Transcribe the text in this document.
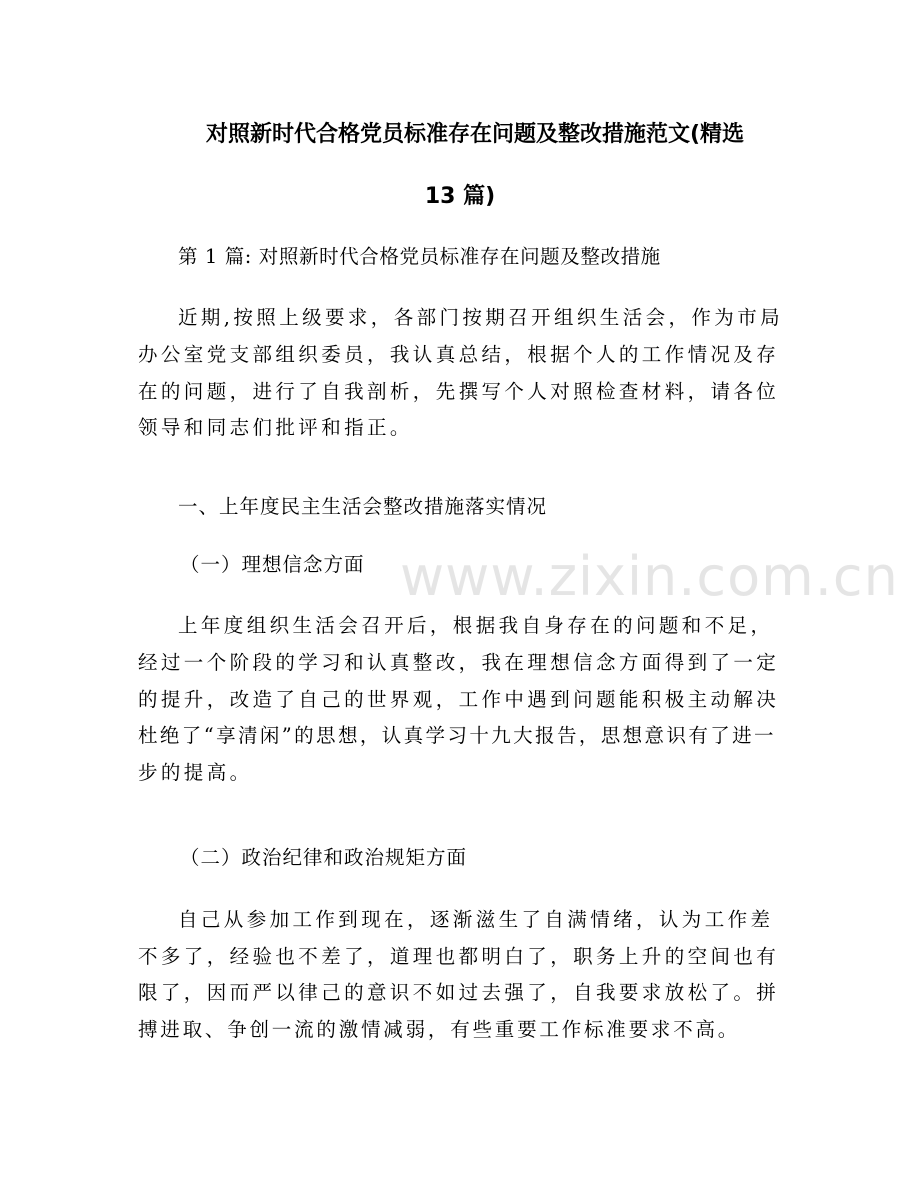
对照新时代合格党员标准存在问题及整改措施范文(精选
13 篇)

第 1 篇: 对照新时代合格党员标准存在问题及整改措施

近期,按照上级要求，各部门按期召开组织生活会，作为市局

办公室党支部组织委员，我认真总结，根据个人的工作情况及存

在的问题，进行了自我剖析，先撰写个人对照检查材料，请各位

领导和同志们批评和指正。

一、上年度民主生活会整改措施落实情况

（一）理想信念方面

上年度组织生活会召开后，根据我自身存在的问题和不足，

经过一个阶段的学习和认真整改，我在理想信念方面得到了一定

的提升，改造了自己的世界观，工作中遇到问题能积极主动解决

杜绝了“享清闲”的思想，认真学习十九大报告，思想意识有了进一

步的提高。

（二）政治纪律和政治规矩方面

自己从参加工作到现在，逐渐滋生了自满情绪，认为工作差

不多了，经验也不差了，道理也都明白了，职务上升的空间也有

限了，因而严以律己的意识不如过去强了，自我要求放松了。拼

搏进取、争创一流的激情减弱，有些重要工作标准要求不高。

www.zixin.com.cn
